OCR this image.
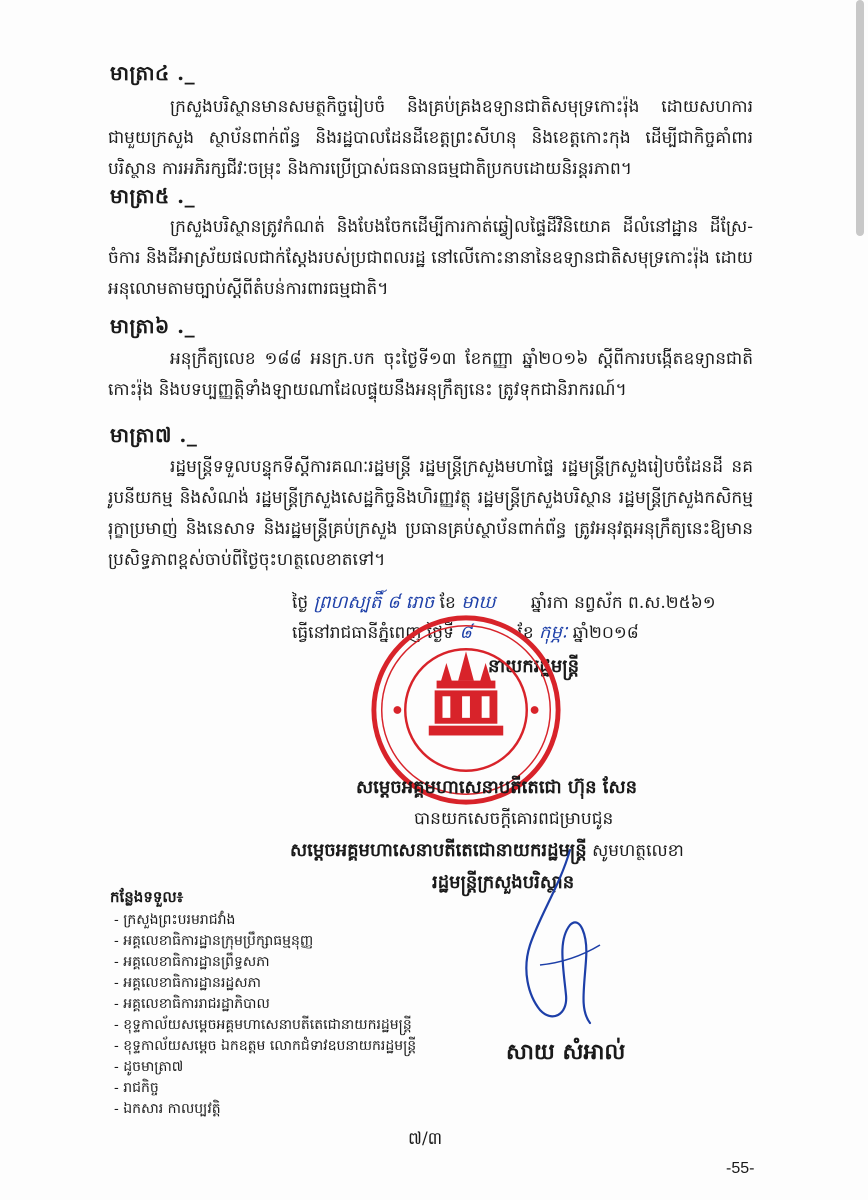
មាត្រា៤ ._
ក្រសួងបរិស្ថានមានសមត្ថកិច្ចរៀបចំ និងគ្រប់គ្រងឧទ្យានជាតិសមុទ្រកោះរ៉ុង ដោយសហការជាមួយក្រសួង ស្ថាប័នពាក់ព័ន្ធ និងរដ្ឋបាលដែនដីខេត្តព្រះសីហនុ និងខេត្តកោះកុង ដើម្បីជាកិច្ចគាំពារបរិស្ថាន ការអភិរក្សជីវៈចម្រុះ និងការប្រើប្រាស់ធនធានធម្មជាតិប្រកបដោយនិរន្តរភាព។
មាត្រា៥ ._
ក្រសួងបរិស្ថានត្រូវកំណត់ និងបែងចែកដើម្បីការកាត់ឆ្វៀលផ្ទៃដីវិនិយោគ ដីលំនៅដ្ឋាន ដីស្រែ-ចំការ និងដីអាស្រ័យផលជាក់ស្តែងរបស់ប្រជាពលរដ្ឋ នៅលើកោះនានានៃឧទ្យានជាតិសមុទ្រកោះរ៉ុង ដោយអនុលោមតាមច្បាប់ស្តីពីតំបន់ការពារធម្មជាតិ។
មាត្រា៦ ._
អនុក្រឹត្យលេខ ១៨៨ អនក្រ.បក ចុះថ្ងៃទី១៣ ខែកញ្ញា ឆ្នាំ២០១៦ ស្តីពីការបង្កើតឧទ្យានជាតិកោះរ៉ុង និងបទប្បញ្ញត្តិទាំងឡាយណាដែលផ្ទុយនឹងអនុក្រឹត្យនេះ ត្រូវទុកជានិរាករណ៍។
មាត្រា៧ ._
រដ្ឋមន្ត្រីទទួលបន្ទុកទីស្តីការគណៈរដ្ឋមន្ត្រី រដ្ឋមន្ត្រីក្រសួងមហាផ្ទៃ រដ្ឋមន្ត្រីក្រសួងរៀបចំដែនដី នគរូបនីយកម្ម និងសំណង់ រដ្ឋមន្ត្រីក្រសួងសេដ្ឋកិច្ចនិងហិរញ្ញវត្ថុ រដ្ឋមន្ត្រីក្រសួងបរិស្ថាន រដ្ឋមន្ត្រីក្រសួងកសិកម្ម រុក្ខាប្រមាញ់ និងនេសាទ និងរដ្ឋមន្ត្រីគ្រប់ក្រសួង ប្រធានគ្រប់ស្ថាប័នពាក់ព័ន្ធ ត្រូវអនុវត្តអនុក្រឹត្យនេះឱ្យមានប្រសិទ្ធភាពខ្ពស់ចាប់ពីថ្ងៃចុះហត្ថលេខាតទៅ។
ថ្ងៃ ព្រហស្បតិ៍ ៨ រោច ខែ មាឃ ឆ្នាំរកា នព្វស័ក ព.ស.២៥៦១
ធ្វើនៅរាជធានីភ្នំពេញ ថ្ងៃទី ៨	ខែ កុម្ភៈ ឆ្នាំ២០១៨
នាយករដ្ឋមន្ត្រី
សម្តេចអគ្គមហាសេនាបតីតេជោ ហ៊ុន សែន
បានយកសេចក្តីគោរពជម្រាបជូន
សម្តេចអគ្គមហាសេនាបតីតេជោនាយករដ្ឋមន្ត្រី សូមហត្ថលេខា
រដ្ឋមន្ត្រីក្រសួងបរិស្ថាន
សាយ សំអាល់
កន្លែងទទួល៖
- ក្រសួងព្រះបរមរាជវាំង
- អគ្គលេខាធិការដ្ឋានក្រុមប្រឹក្សាធម្មនុញ្ញ
- អគ្គលេខាធិការដ្ឋានព្រឹទ្ធសភា
- អគ្គលេខាធិការដ្ឋានរដ្ឋសភា
- អគ្គលេខាធិការរាជរដ្ឋាភិបាល
- ខុទ្ទកាល័យសម្តេចអគ្គមហាសេនាបតីតេជោនាយករដ្ឋមន្ត្រី
- ខុទ្ទកាល័យសម្តេច ឯកឧត្តម លោកជំទាវឧបនាយករដ្ឋមន្ត្រី
- ដូចមាត្រា៧
- រាជកិច្ច
- ឯកសារ កាលប្បវត្តិ
៧/៣
-55-
